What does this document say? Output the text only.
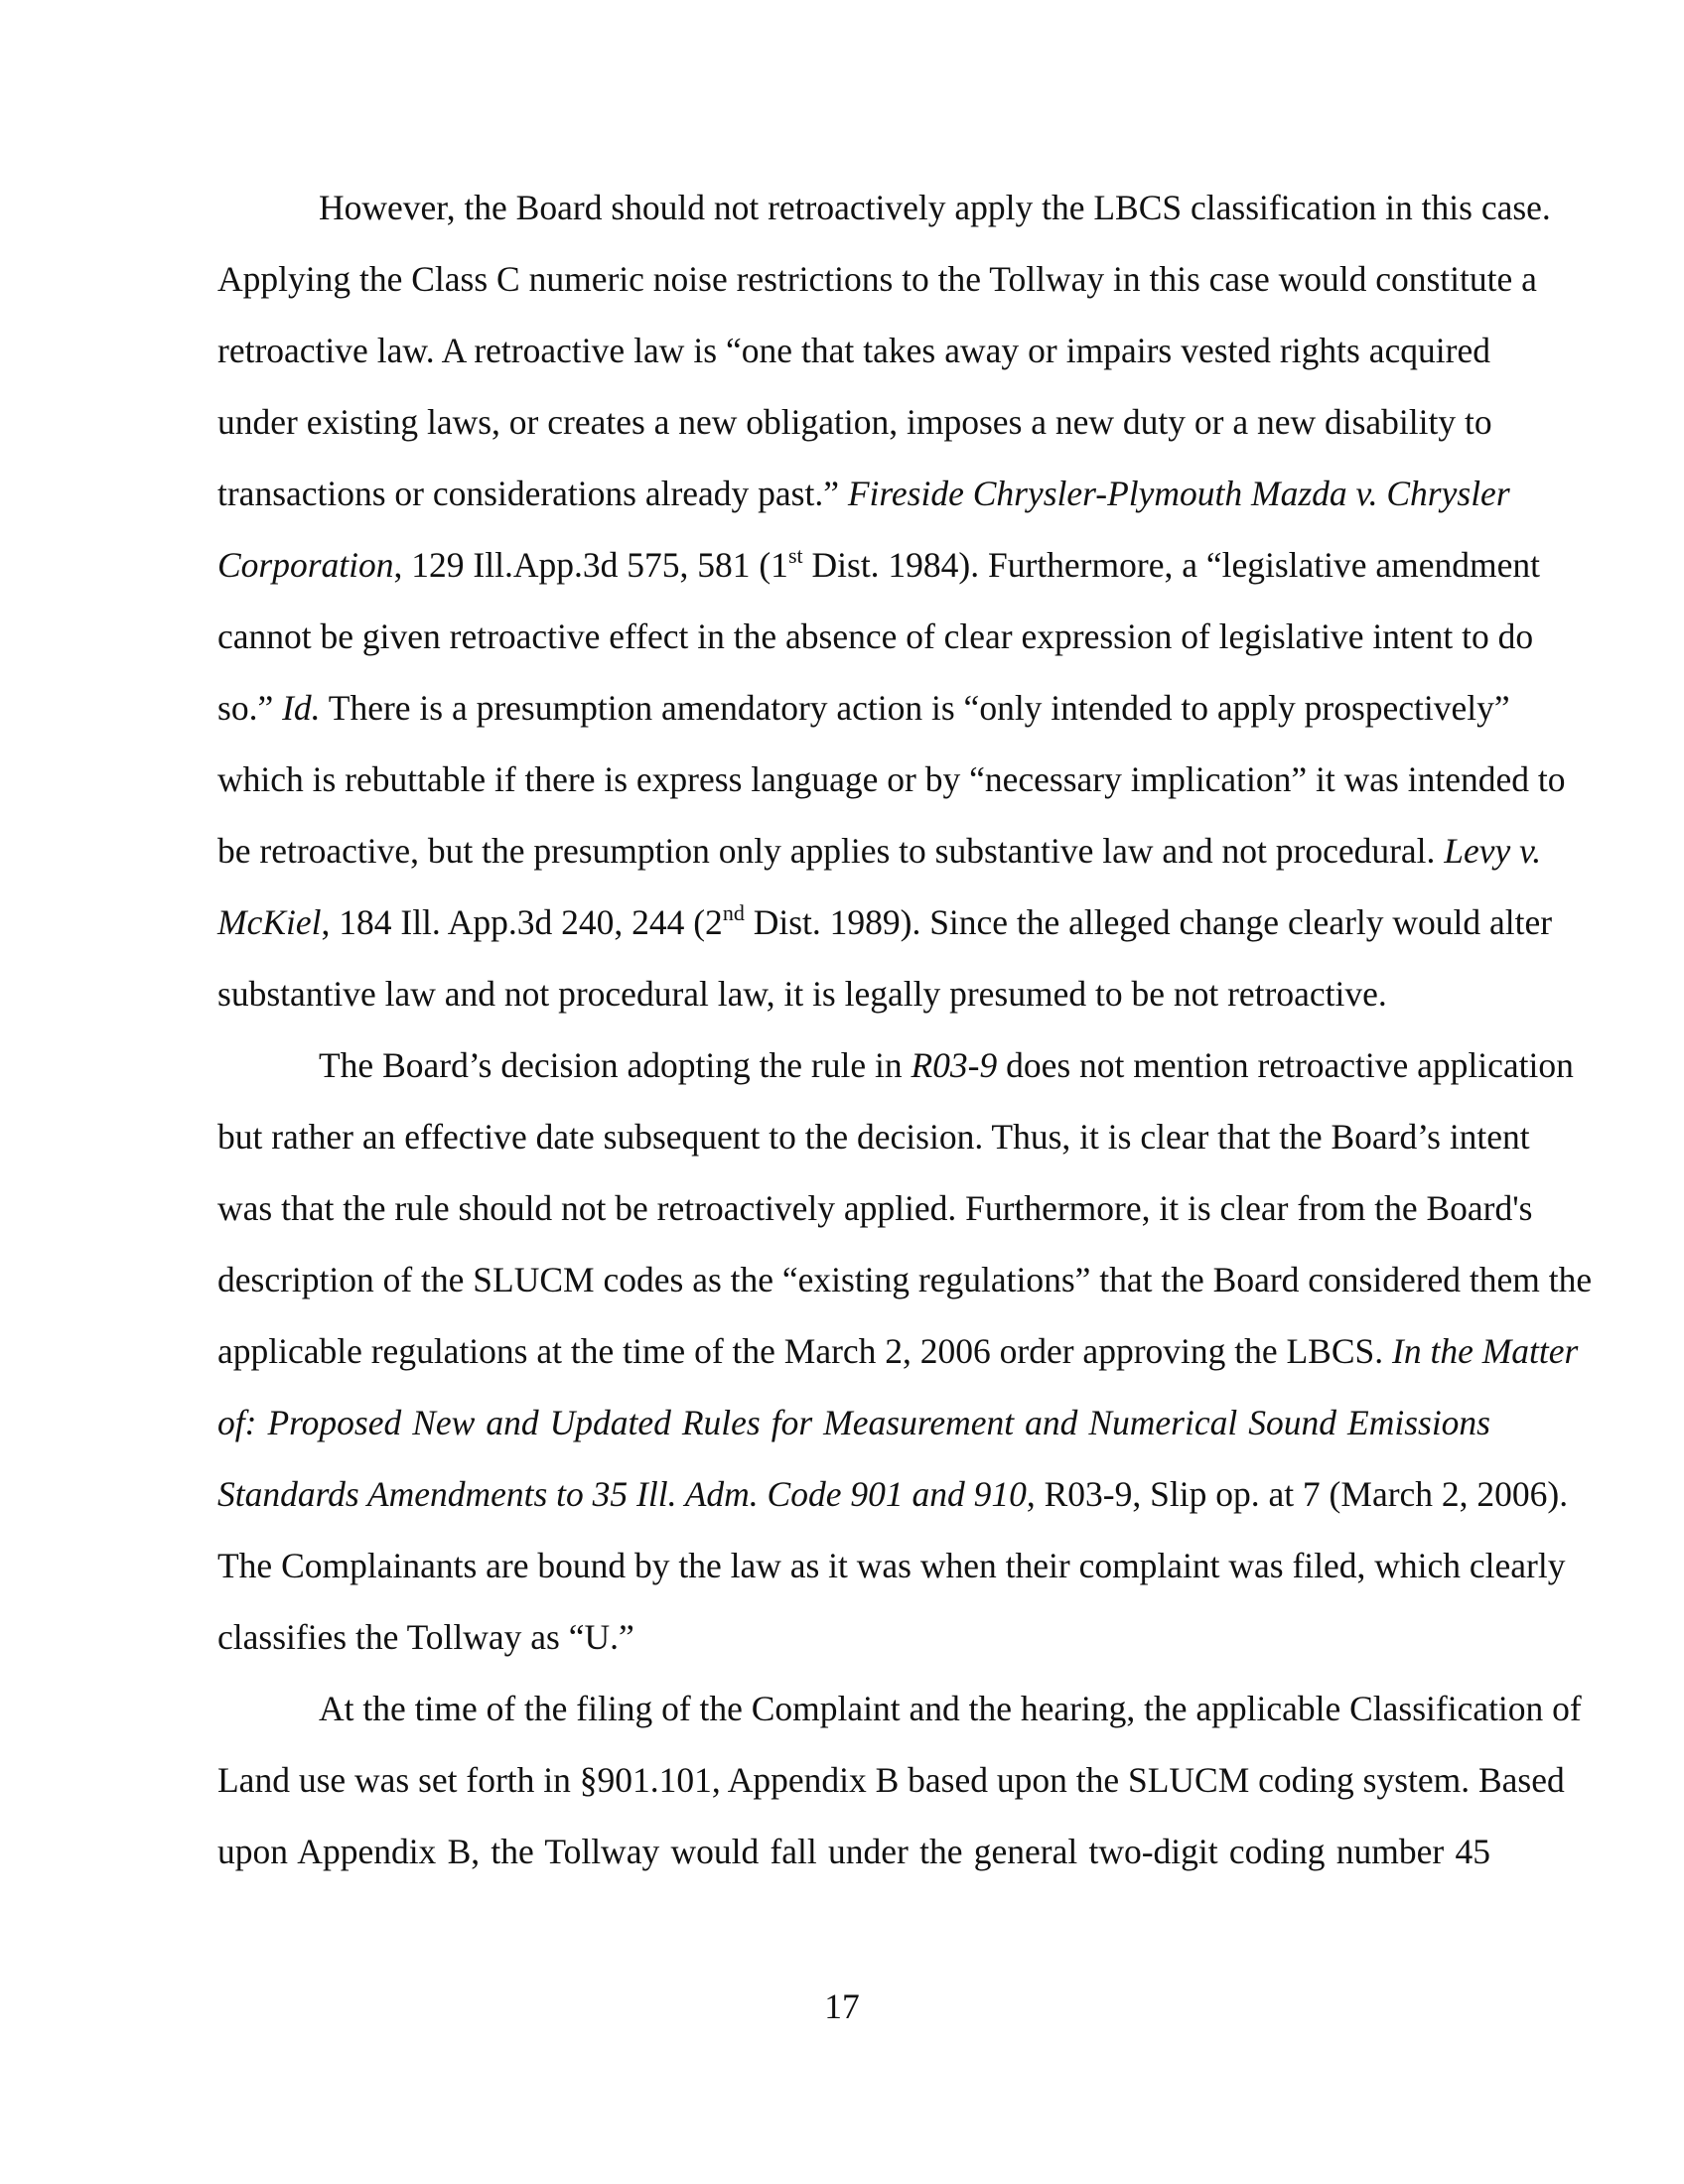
However, the Board should not retroactively apply the LBCS classification in this case.
Applying the Class C numeric noise restrictions to the Tollway in this case would constitute a
retroactive law. A retroactive law is “one that takes away or impairs vested rights acquired
under existing laws, or creates a new obligation, imposes a new duty or a new disability to
transactions or considerations already past.” Fireside Chrysler-Plymouth Mazda v. Chrysler
Corporation, 129 Ill.App.3d 575, 581 (1st Dist. 1984). Furthermore, a “legislative amendment
cannot be given retroactive effect in the absence of clear expression of legislative intent to do
so.” Id. There is a presumption amendatory action is “only intended to apply prospectively”
which is rebuttable if there is express language or by “necessary implication” it was intended to
be retroactive, but the presumption only applies to substantive law and not procedural. Levy v.
McKiel, 184 Ill. App.3d 240, 244 (2nd Dist. 1989). Since the alleged change clearly would alter
substantive law and not procedural law, it is legally presumed to be not retroactive.
The Board’s decision adopting the rule in R03-9 does not mention retroactive application
but rather an effective date subsequent to the decision. Thus, it is clear that the Board’s intent
was that the rule should not be retroactively applied. Furthermore, it is clear from the Board's
description of the SLUCM codes as the “existing regulations” that the Board considered them the
applicable regulations at the time of the March 2, 2006 order approving the LBCS. In the Matter
of: Proposed New and Updated Rules for Measurement and Numerical Sound Emissions
Standards Amendments to 35 Ill. Adm. Code 901 and 910, R03-9, Slip op. at 7 (March 2, 2006).
The Complainants are bound by the law as it was when their complaint was filed, which clearly
classifies the Tollway as “U.”
At the time of the filing of the Complaint and the hearing, the applicable Classification of
Land use was set forth in §901.101, Appendix B based upon the SLUCM coding system. Based
upon Appendix B, the Tollway would fall under the general two-digit coding number 45
17
